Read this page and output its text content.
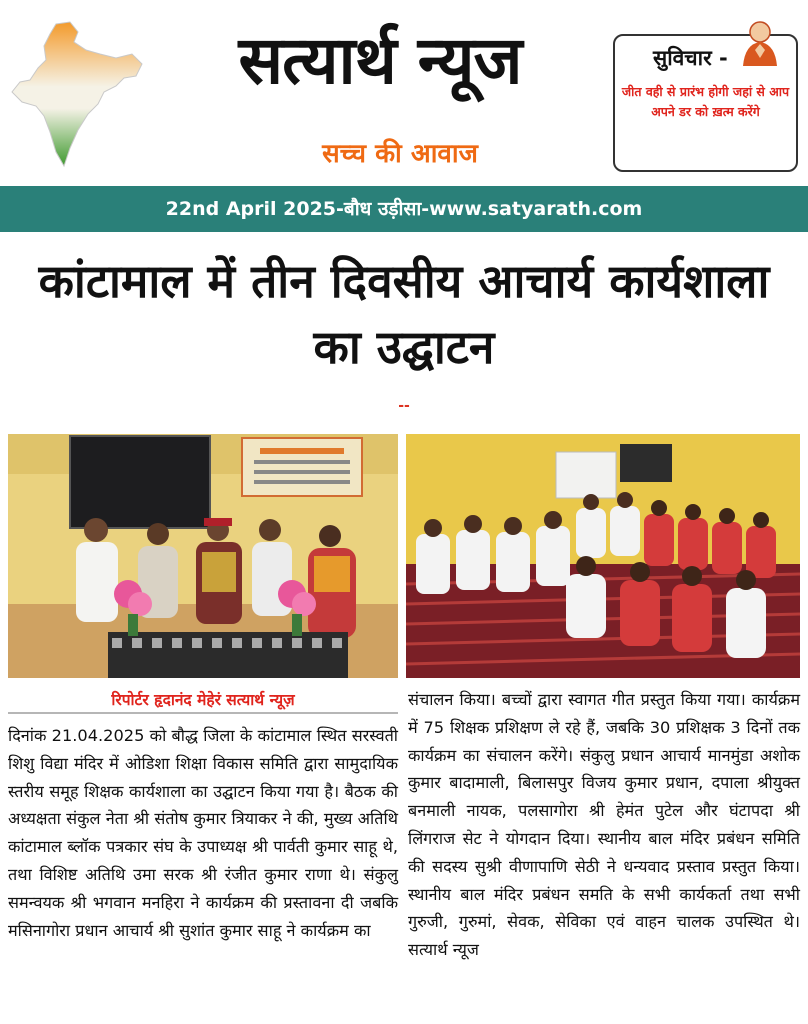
सत्यार्थ न्यूज
सच्च की आवाज
सुविचार -
जीत वही से प्रारंभ होगी जहां से आप अपने डर को ख़त्म करेंगे
22nd April 2025-बौध उड़ीसा-www.satyarath.com
कांटामाल में तीन दिवसीय आचार्य कार्यशाला का उद्घाटन
--
रिपोर्टर हृदानंद मेहेरं सत्यार्थ न्यूज़
दिनांक 21.04.2025 को बौद्ध जिला के कांटामाल स्थित सरस्वती शिशु विद्या मंदिर में ओडिशा शिक्षा विकास समिति द्वारा सामुदायिक स्तरीय समूह शिक्षक कार्यशाला का उद्घाटन किया गया है। बैठक की अध्यक्षता संकुल नेता श्री संतोष कुमार त्रियाकर ने की, मुख्य अतिथि कांटामाल ब्लॉक पत्रकार संघ के उपाध्यक्ष श्री पार्वती कुमार साहू थे, तथा विशिष्ट अतिथि उमा सरक श्री रंजीत कुमार राणा थे। संकुलु समन्वयक श्री भगवान मनहिरा ने कार्यक्रम की प्रस्तावना दी जबकि मसिनागोरा प्रधान आचार्य श्री सुशांत कुमार साहू ने कार्यक्रम का
संचालन किया। बच्चों द्वारा स्वागत गीत प्रस्तुत किया गया। कार्यक्रम में 75 शिक्षक प्रशिक्षण ले रहे हैं, जबकि 30 प्रशिक्षक 3 दिनों तक कार्यक्रम का संचालन करेंगे। संकुलु प्रधान आचार्य मानमुंडा अशोक कुमार बादामाली, बिलासपुर विजय कुमार प्रधान, दपाला श्रीयुक्त बनमाली नायक, पलसागोरा श्री हेमंत पुटेल और घंटापदा श्री लिंगराज सेट ने योगदान दिया। स्थानीय बाल मंदिर प्रबंधन समिति की सदस्य सुश्री वीणापाणि सेठी ने धन्यवाद प्रस्ताव प्रस्तुत किया। स्थानीय बाल मंदिर प्रबंधन समति के सभी कार्यकर्ता तथा सभी गुरुजी, गुरुमां, सेवक, सेविका एवं वाहन चालक उपस्थित थे। सत्यार्थ न्यूज
